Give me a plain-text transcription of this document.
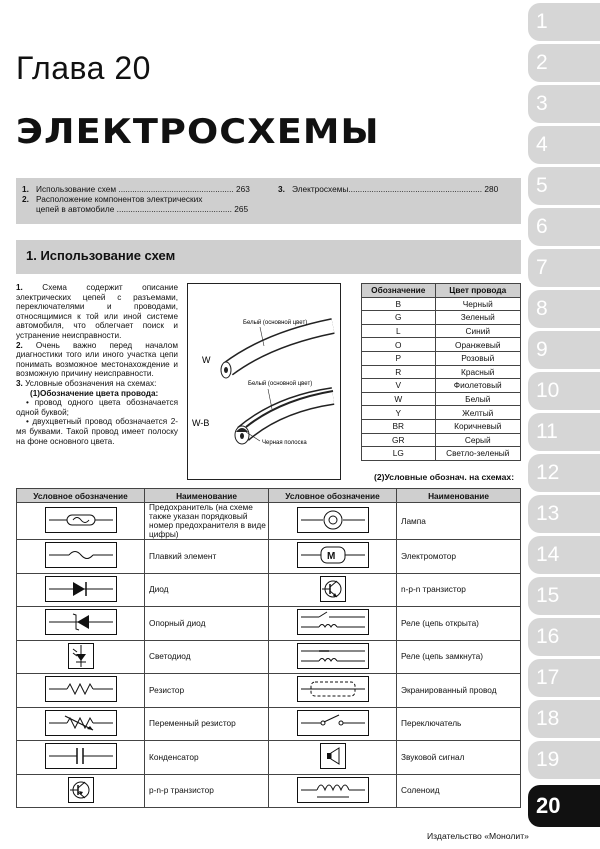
1
2
3
4
5
6
7
8
9
10
11
12
13
14
15
16
17
18
19
20
Глава 20
ЭЛЕКТРОСХЕМЫ
1. Использование схем .................................................. 263
2. Расположение компонентов электрических
цепей в автомобиле .................................................. 265
3. Электросхемы.......................................................... 280
1. Использование схем

1. Схема содержит описание электрических цепей с разъемами, переключателями и проводами, относящимися к той или иной системе автомобиля, что облегчает поиск и устранение неисправности.

2. Очень важно перед началом диагностики того или иного участка цепи понимать возможное местонахождение и возможную причину неисправности.

3. Условные обозначения на схемах:

(1)Обозначение цвета провода:

• провод одного цвета обозначается одной буквой;

• двухцветный провод обозначается 2-мя буквами. Такой провод имеет полоску на фоне основного цвета.

Белый (основной цвет)
W
Белый (основной цвет)
Черная полоска
W-B
Обозначение	Цвет провода
B	Черный
G	Зеленый
L	Синий
O	Оранжевый
P	Розовый
R	Красный
V	Фиолетовый
W	Белый
Y	Желтый
BR	Коричневый
GR	Серый
LG	Светло-зеленый
(2)Условные обознач. на схемах:
Условное обозначение	Наименование	Условное обозначение	Наименование

	Предохранитель (на схеме также указан порядковый номер предохранителя в виде цифры)		Лампа

	Плавкий элемент	M	Электромотор

	Диод		n-p-n транзистор

	Опорный диод		Реле (цепь открыта)

	Светодиод		Реле (цепь замкнута)

	Резистор		Экранированный провод

	Переменный резистор		Переключатель

	Конденсатор		Звуковой сигнал

	p-n-p транзистор		Соленоид
Издательство «Монолит»
